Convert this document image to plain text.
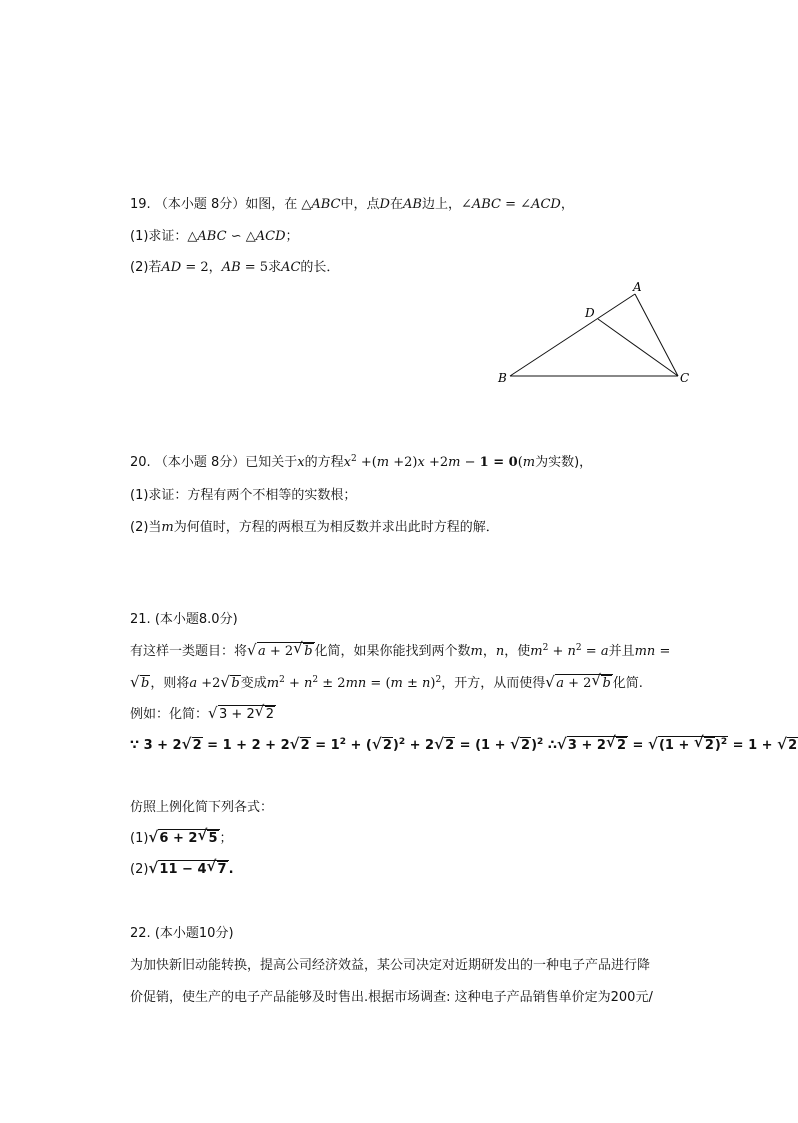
19. （本小题 8分）如图，在 △ABC中，点D在AB边上，∠ABC = ∠ACD，
(1)求证：△ABC ∽ △ACD；
(2)若AD = 2，AB = 5求AC的长．
A
B	C
D
20. （本小题 8分）已知关于x的方程$x^2 +(m +2)x +2m - 1 = 0(m$为实数)，
(1)求证：方程有两个不相等的实数根；
(2)当m为何值时，方程的两根互为相反数并求出此时方程的解．
21. (本小题8.0分)
有这样一类题目：将 √ a + 2 √ b 化简，如果你能找到两个数m，n，使$m^2 + n^2 = a$并且mn =
√ b，则将a +2 √ b变成$m^2 + n^2 \pm 2mn = (m \pm n)^2$，开方，从而使得 √ a + 2 √ b 化简.
例如：化简： √ 3 + 2 √ 2
∵ 3 + 2 √ 2 = 1 + 2 + 2 √ $2 = 1^2$ + ( √ 2)$^2$ + 2 √ 2 = (1 + √ 2)$^2$ ∴ √ 3 + 2 √ 2 = √ (1 + √ 2)$^2$ = 1 + √ 2
仿照上例化简下列各式：
(1) √ 6 + 2 √ 5 ；
(2) √ 11 − 4 √ 7 .
22. (本小题10分)
为加快新旧动能转换，提高公司经济效益，某公司决定对近期研发出的一种电子产品进行降
价促销，使生产的电子产品能够及时售出.根据市场调查: 这种电子产品销售单价定为200元/
